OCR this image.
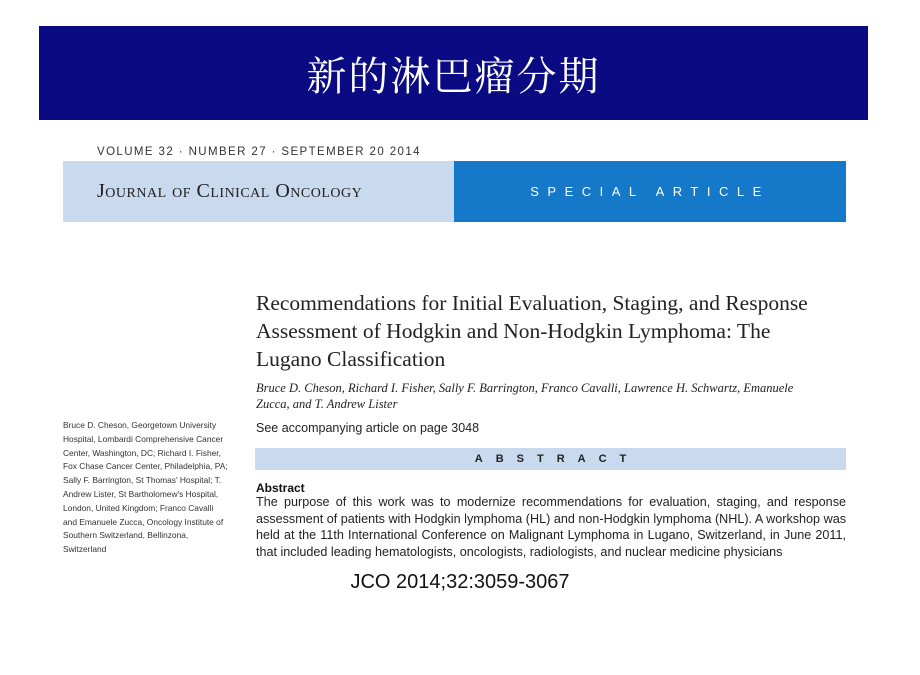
新的淋巴瘤分期
VOLUME 32 · NUMBER 27 · SEPTEMBER 20 2014
Journal of Clinical Oncology	SPECIAL ARTICLE
Recommendations for Initial Evaluation, Staging, and Response Assessment of Hodgkin and Non-Hodgkin Lymphoma: The Lugano Classification
Bruce D. Cheson, Richard I. Fisher, Sally F. Barrington, Franco Cavalli, Lawrence H. Schwartz, Emanuele Zucca, and T. Andrew Lister
Bruce D. Cheson, Georgetown University Hospital, Lombardi Comprehensive Cancer Center, Washington, DC; Richard I. Fisher, Fox Chase Cancer Center, Philadelphia, PA; Sally F. Barrington, St Thomas' Hospital; T. Andrew Lister, St Bartholomew's Hospital, London, United Kingdom; Franco Cavalli and Emanuele Zucca, Oncology Institute of Southern Switzerland, Bellinzona, Switzerland
See accompanying article on page 3048
ABSTRACT
Abstract
The purpose of this work was to modernize recommendations for evaluation, staging, and response assessment of patients with Hodgkin lymphoma (HL) and non-Hodgkin lymphoma (NHL). A workshop was held at the 11th International Conference on Malignant Lymphoma in Lugano, Switzerland, in June 2011, that included leading hematologists, oncologists, radiologists, and nuclear medicine physicians
JCO 2014;32:3059-3067
